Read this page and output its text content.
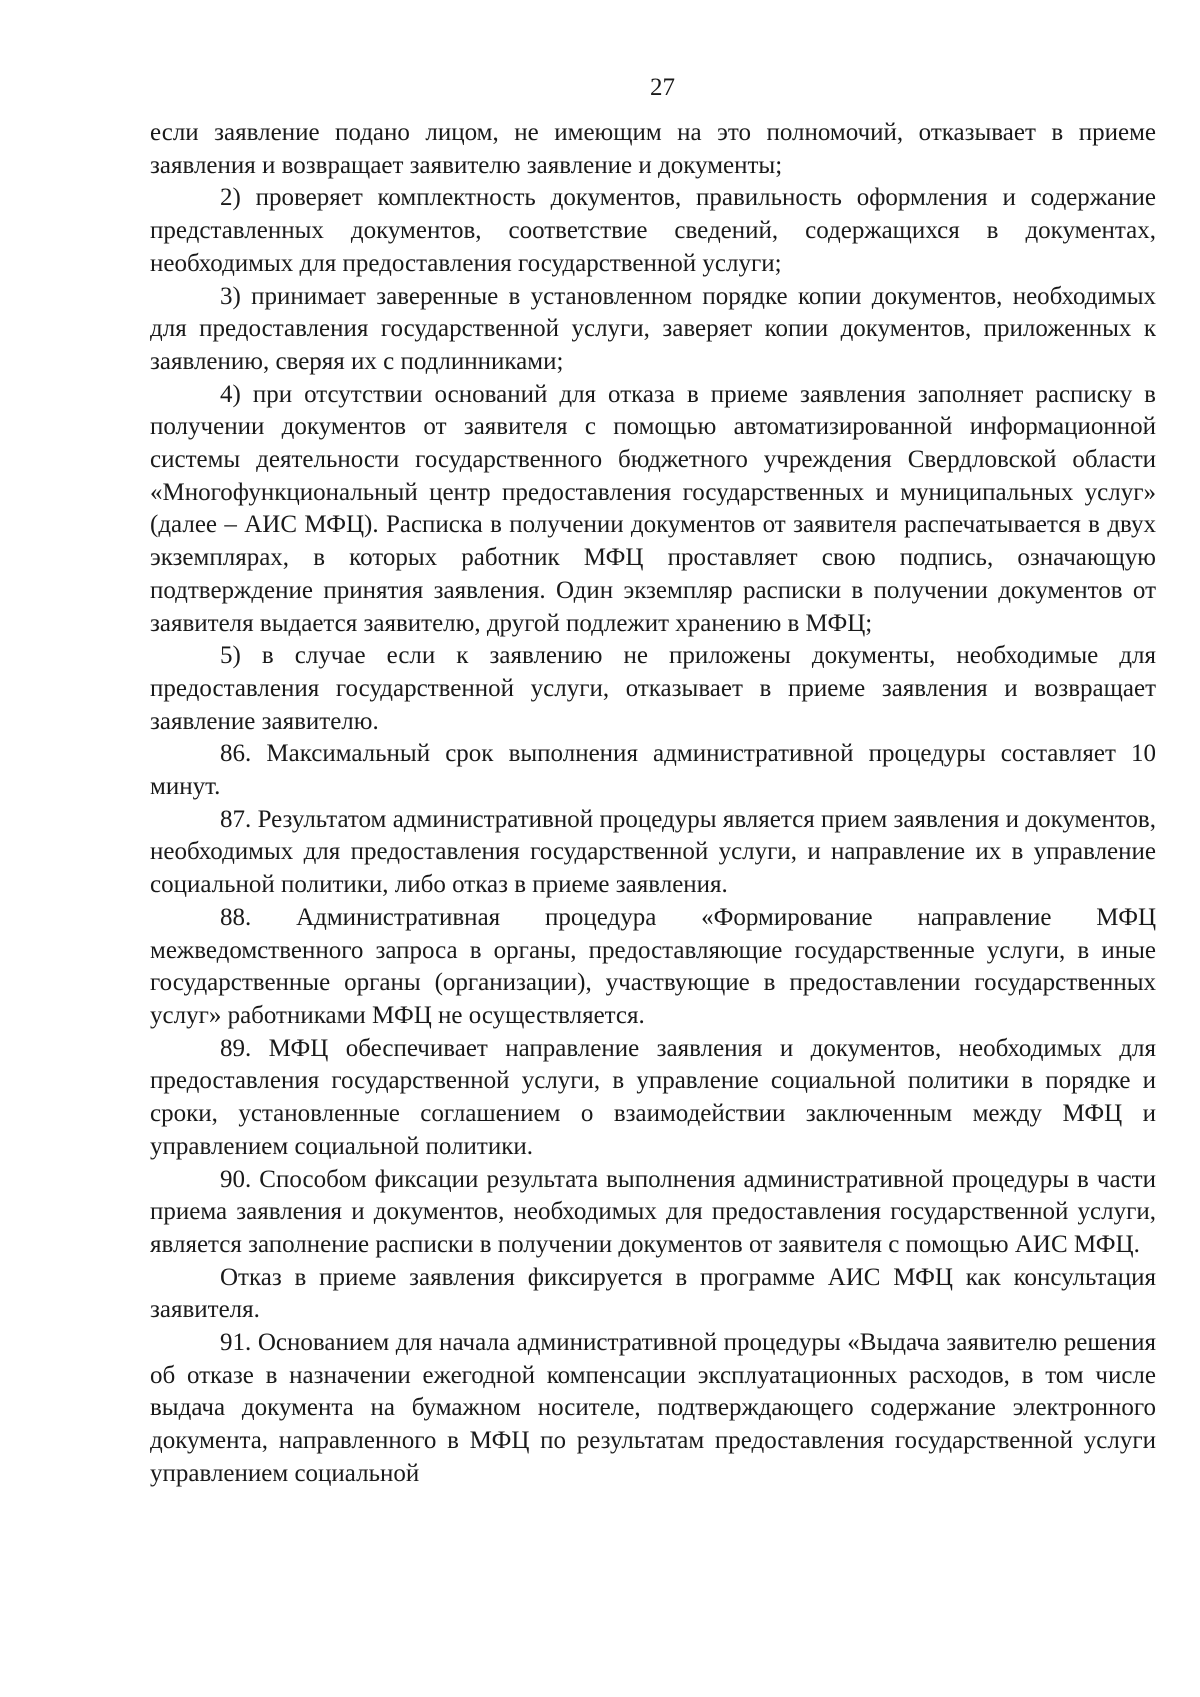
27

если заявление подано лицом, не имеющим на это полномочий, отказывает в приеме заявления и возвращает заявителю заявление и документы;

2) проверяет комплектность документов, правильность оформления и содержание представленных документов, соответствие сведений, содержащихся в документах, необходимых для предоставления государственной услуги;

3) принимает заверенные в установленном порядке копии документов, необходимых для предоставления государственной услуги, заверяет копии документов, приложенных к заявлению, сверяя их с подлинниками;

4) при отсутствии оснований для отказа в приеме заявления заполняет расписку в получении документов от заявителя с помощью автоматизированной информационной системы деятельности государственного бюджетного учреждения Свердловской области «Многофункциональный центр предоставления государственных и муниципальных услуг» (далее – АИС МФЦ). Расписка в получении документов от заявителя распечатывается в двух экземплярах, в которых работник МФЦ проставляет свою подпись, означающую подтверждение принятия заявления. Один экземпляр расписки в получении документов от заявителя выдается заявителю, другой подлежит хранению в МФЦ;

5) в случае если к заявлению не приложены документы, необходимые для предоставления государственной услуги, отказывает в приеме заявления и возвращает заявление заявителю.

86. Максимальный срок выполнения административной процедуры составляет 10 минут.

87. Результатом административной процедуры является прием заявления и документов, необходимых для предоставления государственной услуги, и направление их в управление социальной политики, либо отказ в приеме заявления.

88. Административная процедура «Формирование направление МФЦ межведомственного запроса в органы, предоставляющие государственные услуги, в иные государственные органы (организации), участвующие в предоставлении государственных услуг» работниками МФЦ не осуществляется.

89. МФЦ обеспечивает направление заявления и документов, необходимых для предоставления государственной услуги, в управление социальной политики в порядке и сроки, установленные соглашением о взаимодействии заключенным между МФЦ и управлением социальной политики.

90. Способом фиксации результата выполнения административной процедуры в части приема заявления и документов, необходимых для предоставления государственной услуги, является заполнение расписки в получении документов от заявителя с помощью АИС МФЦ.

Отказ в приеме заявления фиксируется в программе АИС МФЦ как консультация заявителя.

91. Основанием для начала административной процедуры «Выдача заявителю решения об отказе в назначении ежегодной компенсации эксплуатационных расходов, в том числе выдача документа на бумажном носителе, подтверждающего содержание электронного документа, направленного в МФЦ по результатам предоставления государственной услуги управлением социальной
